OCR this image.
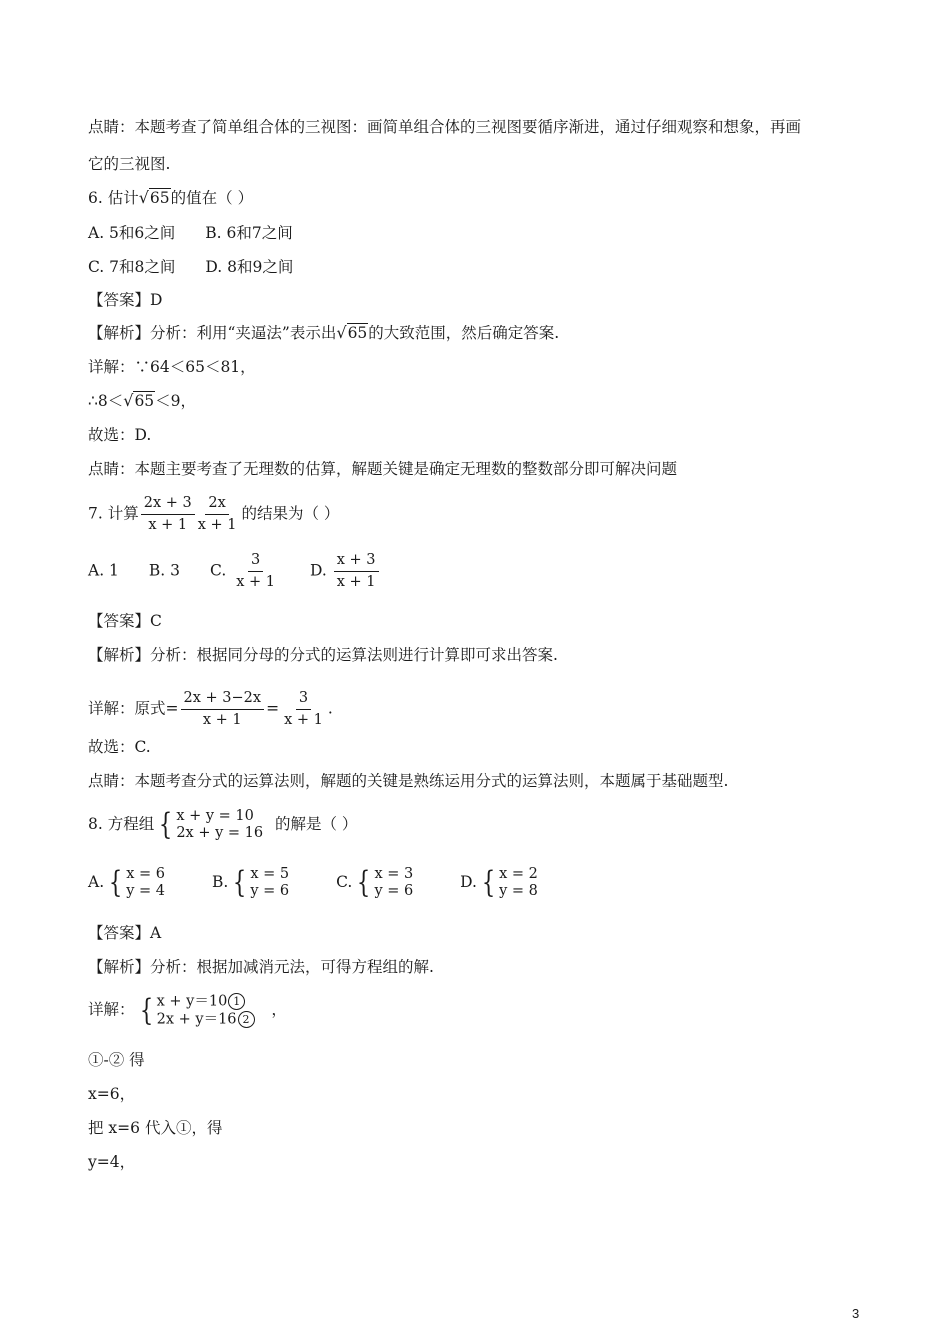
点睛：本题考查了简单组合体的三视图：画简单组合体的三视图要循序渐进，通过仔细观察和想象，再画
它的三视图.
6. 估计√65的值在（ ）
A. 5和6之间 B. 6和7之间
C. 7和8之间 D. 8和9之间
【答案】D
【解析】分析：利用“夹逼法”表示出√65的大致范围，然后确定答案.
详解：∵64＜65＜81，
∴8＜√65＜9，
故选：D.
点睛：本题主要考查了无理数的估算，解题关键是确定无理数的整数部分即可解决问题
7. 计算 $\frac{2x + 3}{x + 1} \frac{2x}{x + 1}$ 的结果为（ ）
A. 1 B. 3 C. $\frac{3}{x + 1} D$. $\frac{x + 3}{x + 1}$
【答案】C
【解析】分析：根据同分母的分式的运算法则进行计算即可求出答案.
详解：原式= $\frac{2x + 3-2x}{x + 1} = \frac{3}{x + 1}$ .
故选：C.
点睛：本题考查分式的运算法则，解题的关键是熟练运用分式的运算法则，本题属于基础题型.
8. 方程组 { x + y = 10
2x + y = 16 的解是（ ）
A. { x = 6
y = 4	B. { x = 5
y = 6	C. { x = 3
y = 6	D. { x = 2
y = 8
【答案】A
【解析】分析：根据加减消元法，可得方程组的解.
详解： { x + y＝10 1
2x + y＝16 2
，
①-② 得
x=6，
把 x=6 代入①，得
y=4，
3
